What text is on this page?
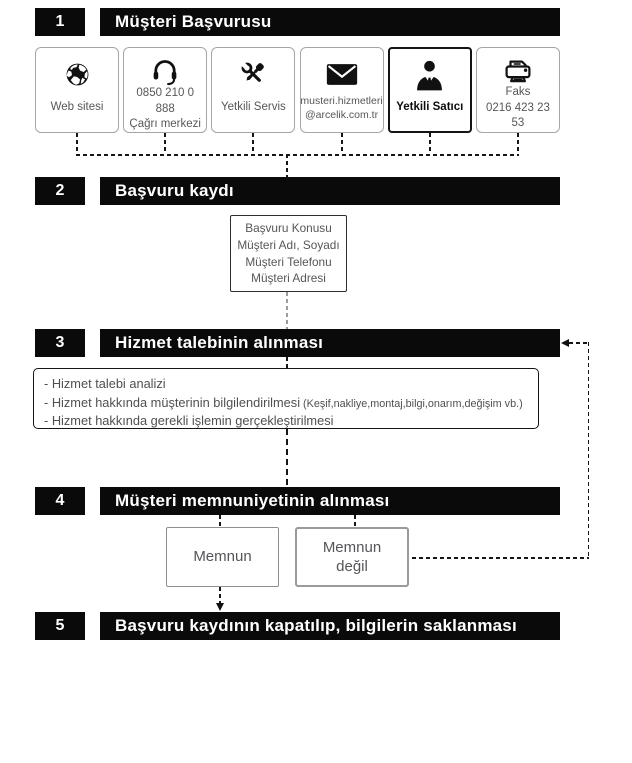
1	Müşteri Başvurusu
Web sitesi
0850 210 0 888
Çağrı merkezi
Yetkili Servis
musteri.hizmetleri
@arcelik.com.tr
Yetkili Satıcı
Faks
0216 423 23 53
2	Başvuru kaydı
Başvuru Konusu
Müşteri Adı, Soyadı
Müşteri Telefonu
Müşteri Adresi
3	Hizmet talebinin alınması
- Hizmet talebi analizi
- Hizmet hakkında müşterinin bilgilendirilmesi (Keşif,nakliye,montaj,bilgi,onarım,değişim vb.)
- Hizmet hakkında gerekli işlemin gerçekleştirilmesi
4	Müşteri memnuniyetinin alınması
Memnun
Memnun değil
5	Başvuru kaydının kapatılıp, bilgilerin saklanması
